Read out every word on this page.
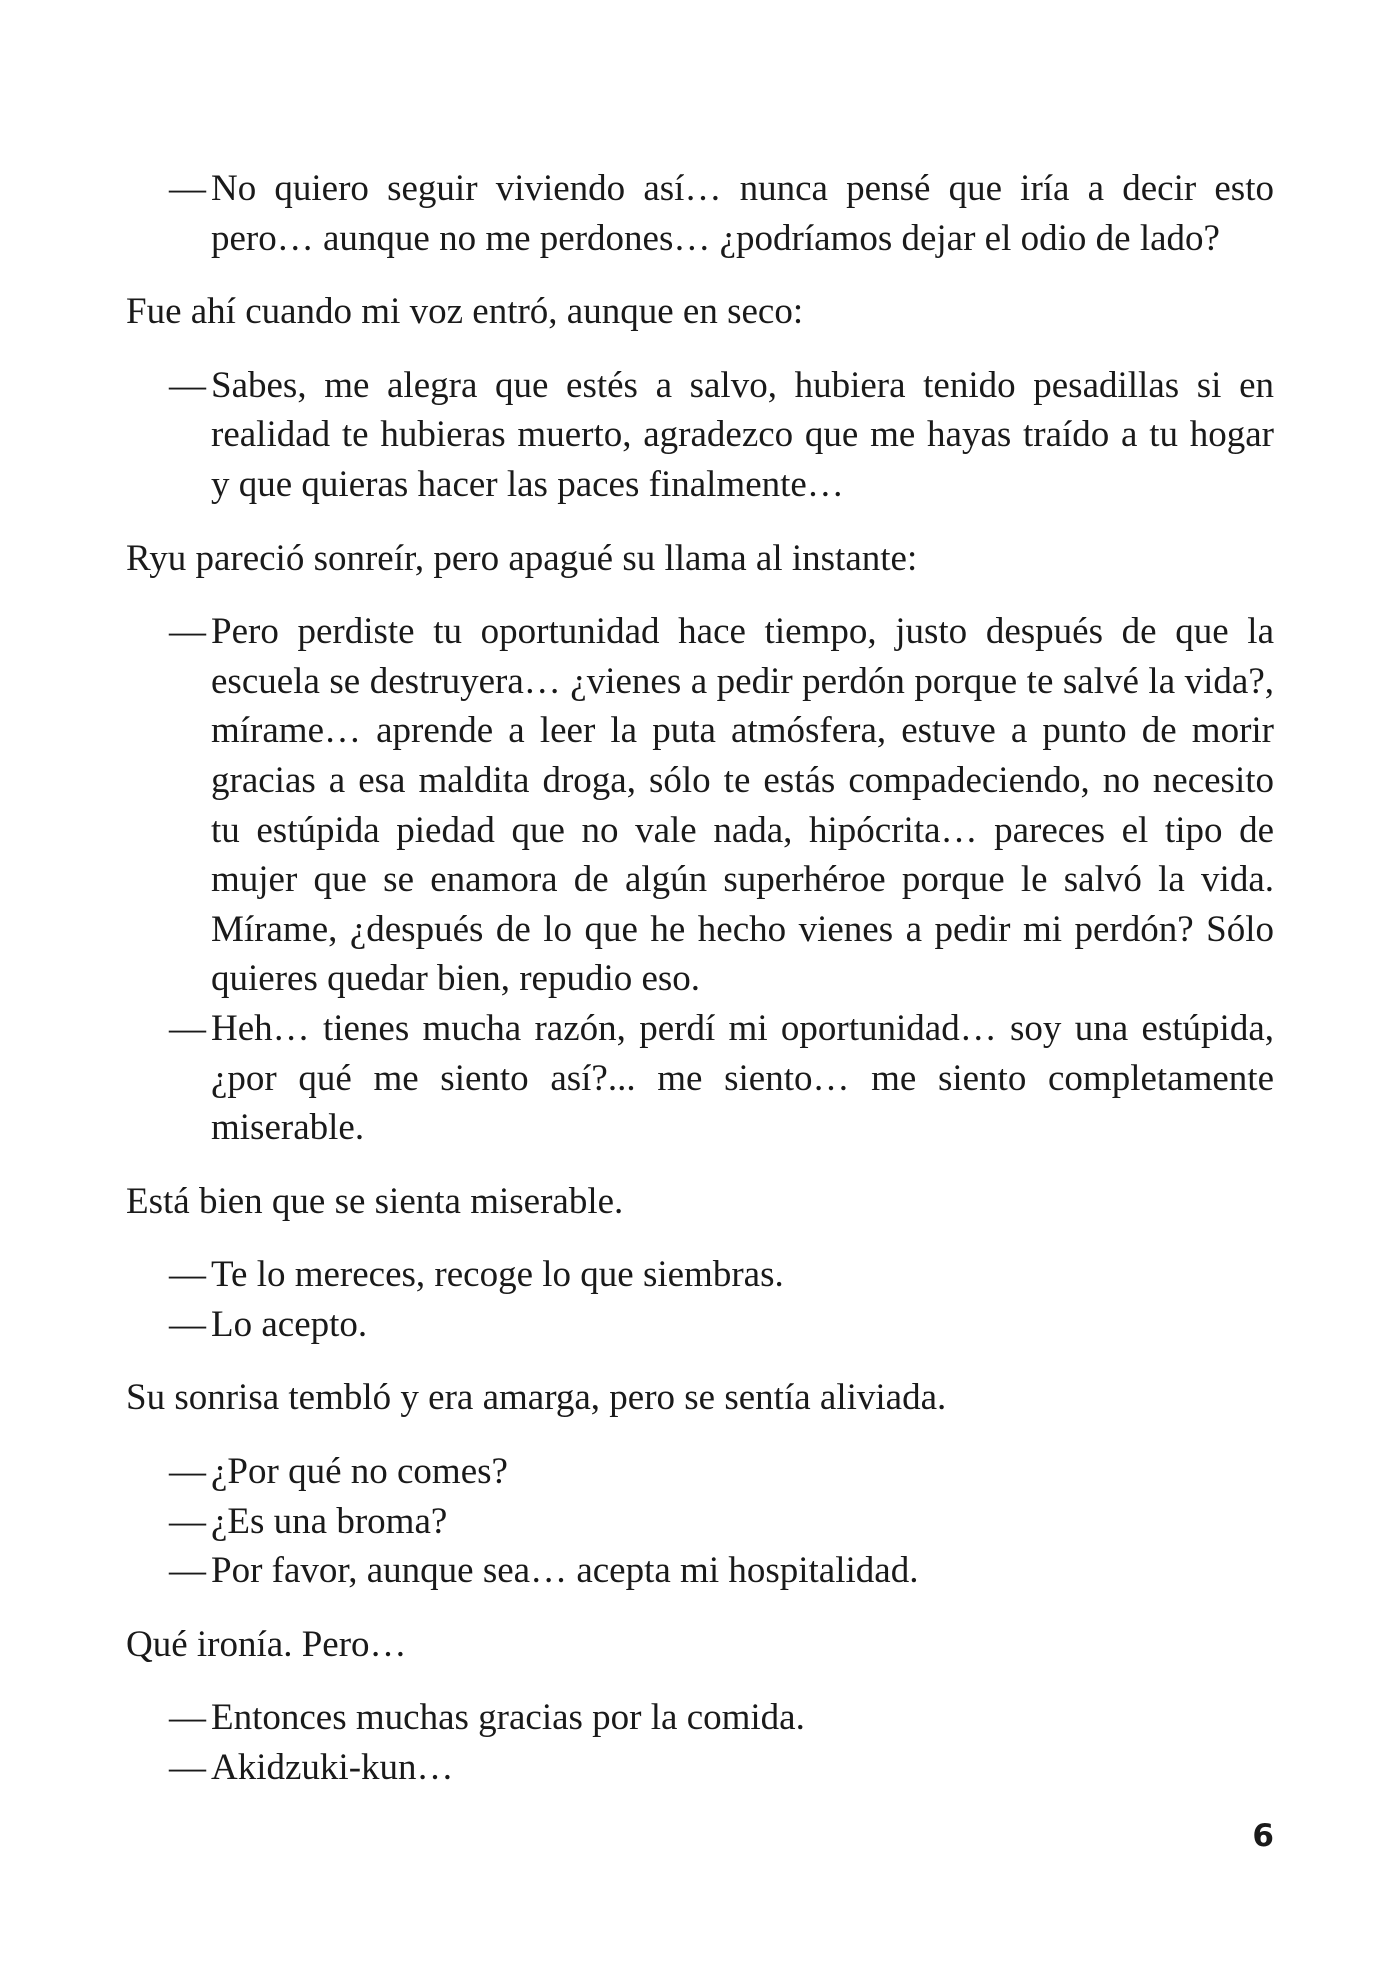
— No quiero seguir viviendo así… nunca pensé que iría a decir esto pero… aunque no me perdones… ¿podríamos dejar el odio de lado?

Fue ahí cuando mi voz entró, aunque en seco:

— Sabes, me alegra que estés a salvo, hubiera tenido pesadillas si en realidad te hubieras muerto, agradezco que me hayas traído a tu hogar y que quieras hacer las paces finalmente…

Ryu pareció sonreír, pero apagué su llama al instante:

— Pero perdiste tu oportunidad hace tiempo, justo después de que la escuela se destruyera… ¿vienes a pedir perdón porque te salvé la vida?, mírame… aprende a leer la puta atmósfera, estuve a punto de morir gracias a esa maldita droga, sólo te estás compadeciendo, no necesito tu estúpida piedad que no vale nada, hipócrita… pareces el tipo de mujer que se enamora de algún superhéroe porque le salvó la vida. Mírame, ¿después de lo que he hecho vienes a pedir mi perdón? Sólo quieres quedar bien, repudio eso.

— Heh… tienes mucha razón, perdí mi oportunidad… soy una estúpida, ¿por qué me siento así?... me siento… me siento completamente miserable.

Está bien que se sienta miserable.

— Te lo mereces, recoge lo que siembras.

— Lo acepto.

Su sonrisa tembló y era amarga, pero se sentía aliviada.

— ¿Por qué no comes?

— ¿Es una broma?

— Por favor, aunque sea… acepta mi hospitalidad.

Qué ironía. Pero…

— Entonces muchas gracias por la comida.

— Akidzuki-kun…

6
